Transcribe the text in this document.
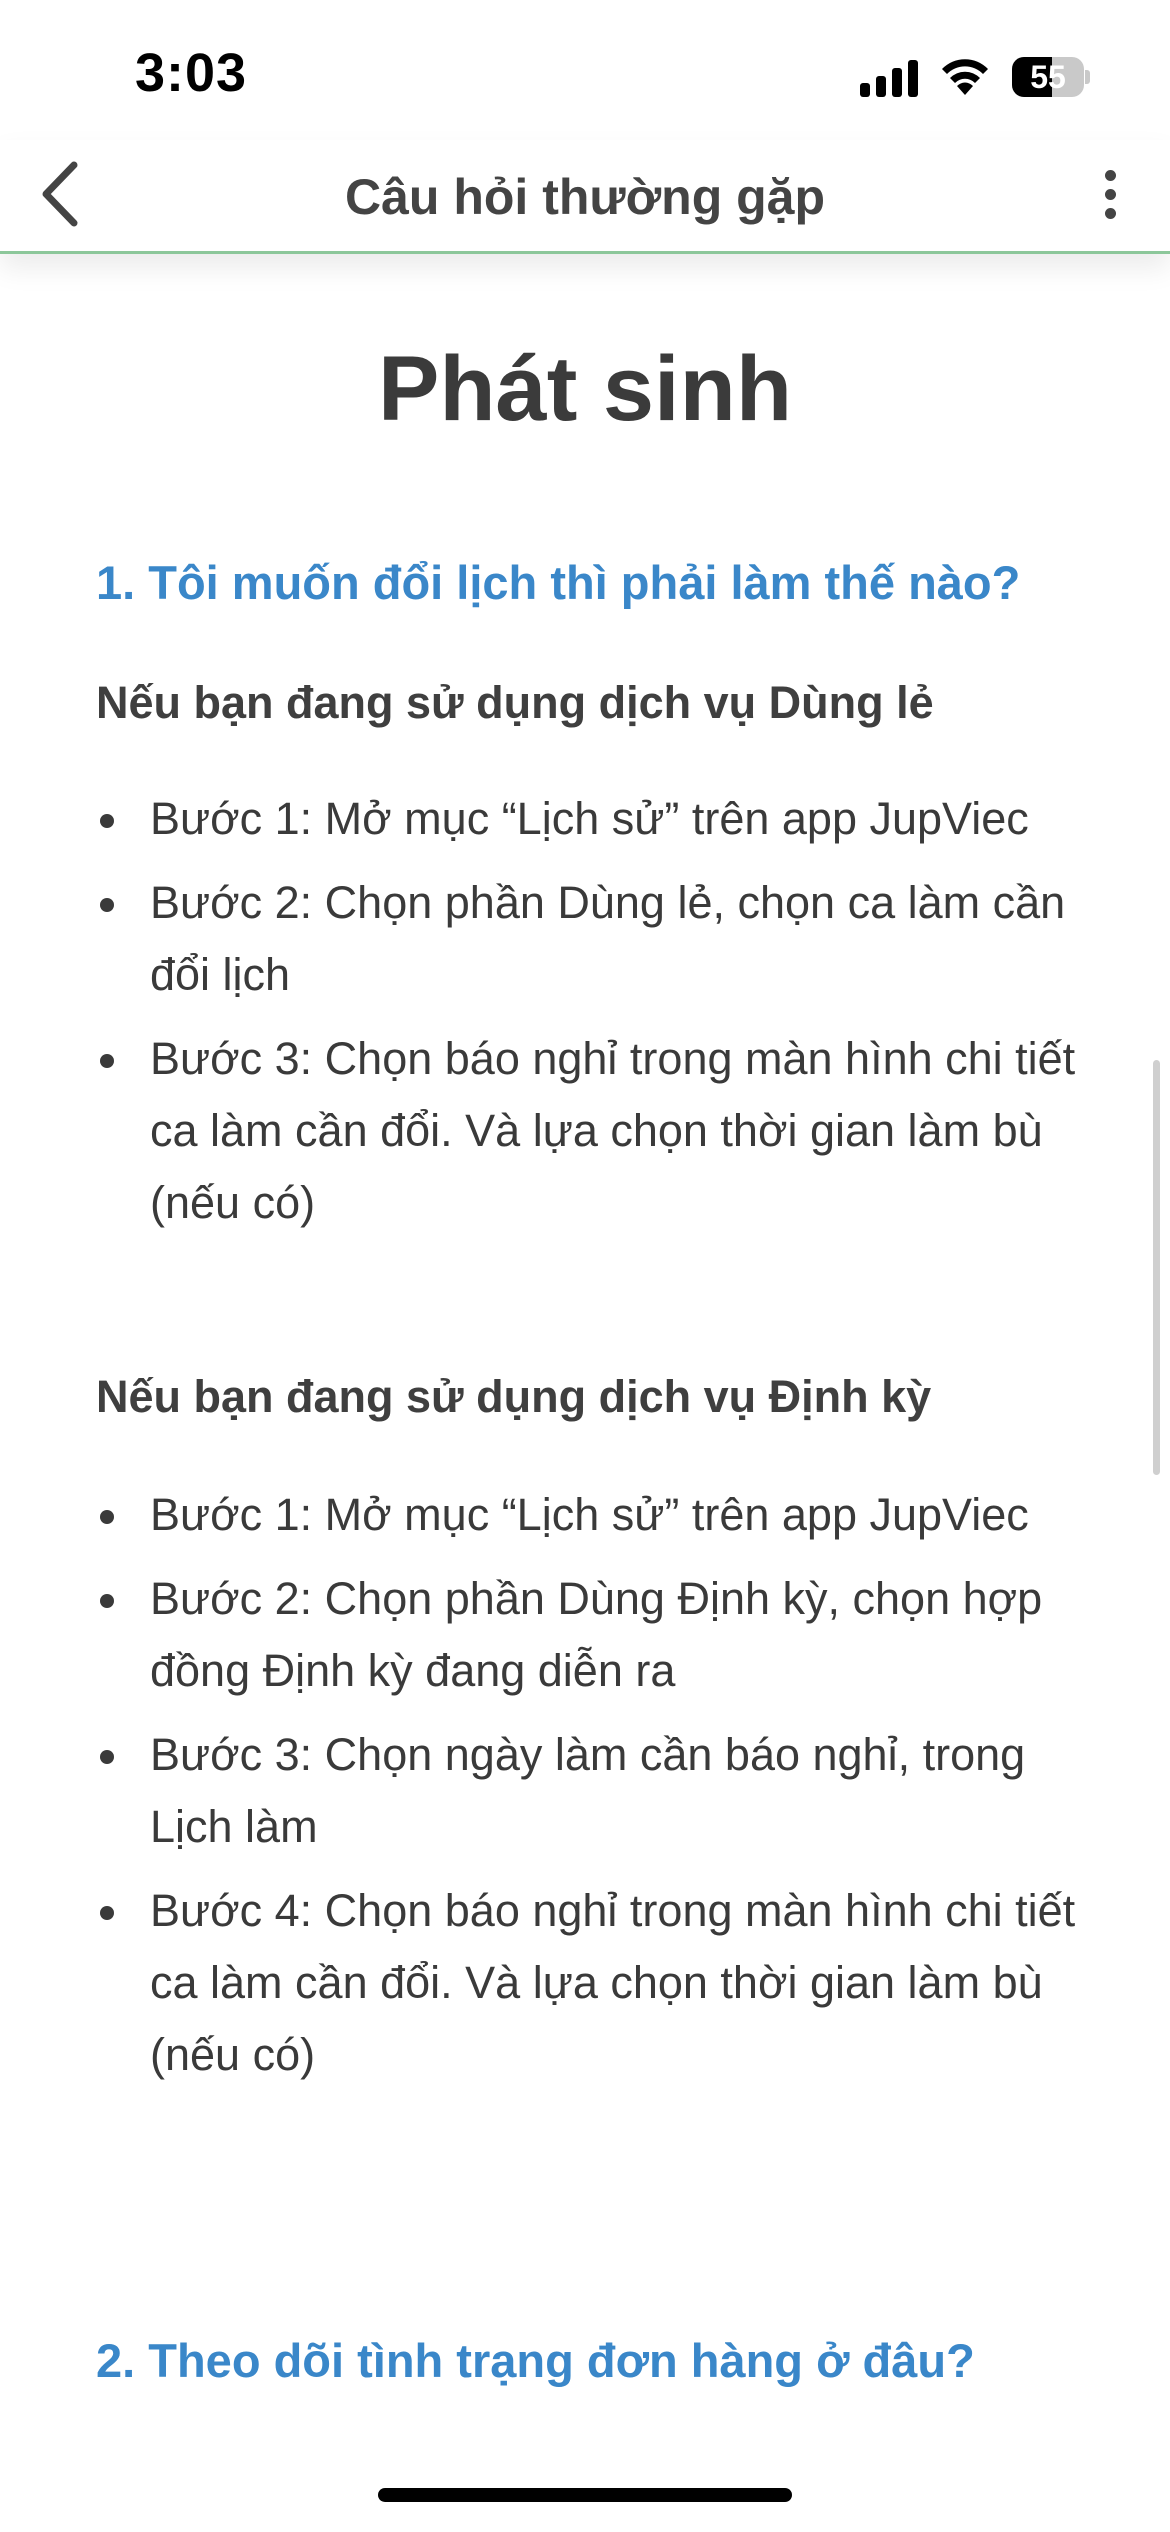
3:03	55
Câu hỏi thường gặp
Phát sinh
1. Tôi muốn đổi lịch thì phải làm thế nào?
Nếu bạn đang sử dụng dịch vụ Dùng lẻ
Bước 1: Mở mục “Lịch sử” trên app JupViec
Bước 2: Chọn phần Dùng lẻ, chọn ca làm cần đổi lịch
Bước 3: Chọn báo nghỉ trong màn hình chi tiết ca làm cần đổi. Và lựa chọn thời gian làm bù (nếu có)
Nếu bạn đang sử dụng dịch vụ Định kỳ
Bước 1: Mở mục “Lịch sử” trên app JupViec
Bước 2: Chọn phần Dùng Định kỳ, chọn hợp đồng Định kỳ đang diễn ra
Bước 3: Chọn ngày làm cần báo nghỉ, trong Lịch làm
Bước 4: Chọn báo nghỉ trong màn hình chi tiết ca làm cần đổi. Và lựa chọn thời gian làm bù (nếu có)
2. Theo dõi tình trạng đơn hàng ở đâu?
